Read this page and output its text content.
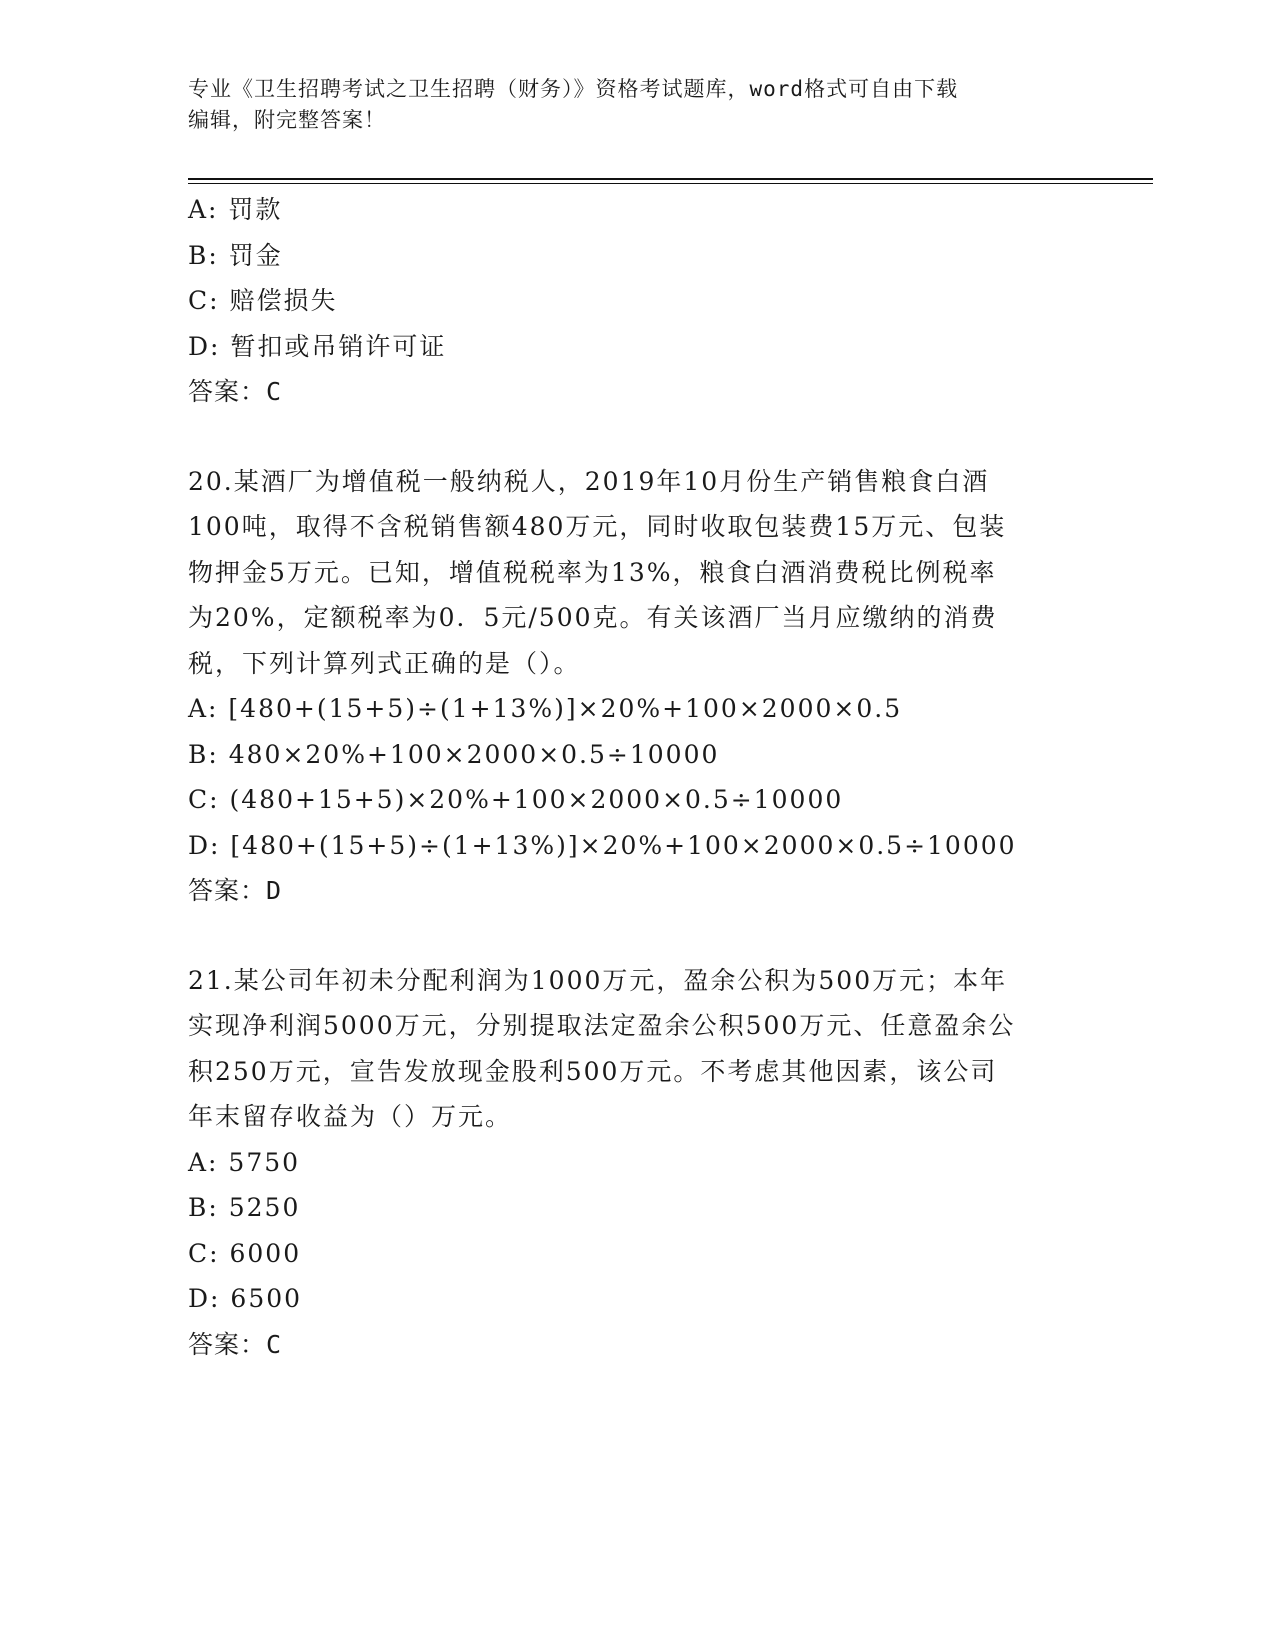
专业《卫生招聘考试之卫生招聘（财务）》资格考试题库，word格式可自由下载
编辑，附完整答案！
A: 罚款
B: 罚金
C: 赔偿损失
D: 暂扣或吊销许可证
答案：C
20.某酒厂为增值税一般纳税人，2019年10月份生产销售粮食白酒
100吨，取得不含税销售额480万元，同时收取包装费15万元、包装
物押金5万元。已知，增值税税率为13%，粮食白酒消费税比例税率
为20%，定额税率为0．5元/500克。有关该酒厂当月应缴纳的消费
税，下列计算列式正确的是（）。
A: [480+(15+5)÷(1+13%)]×20%+100×2000×0.5
B: 480×20%+100×2000×0.5÷10000
C: (480+15+5)×20%+100×2000×0.5÷10000
D: [480+(15+5)÷(1+13%)]×20%+100×2000×0.5÷10000
答案：D
21.某公司年初未分配利润为1000万元，盈余公积为500万元；本年
实现净利润5000万元，分别提取法定盈余公积500万元、任意盈余公
积250万元，宣告发放现金股利500万元。不考虑其他因素，该公司
年末留存收益为（）万元。
A: 5750
B: 5250
C: 6000
D: 6500
答案：C
